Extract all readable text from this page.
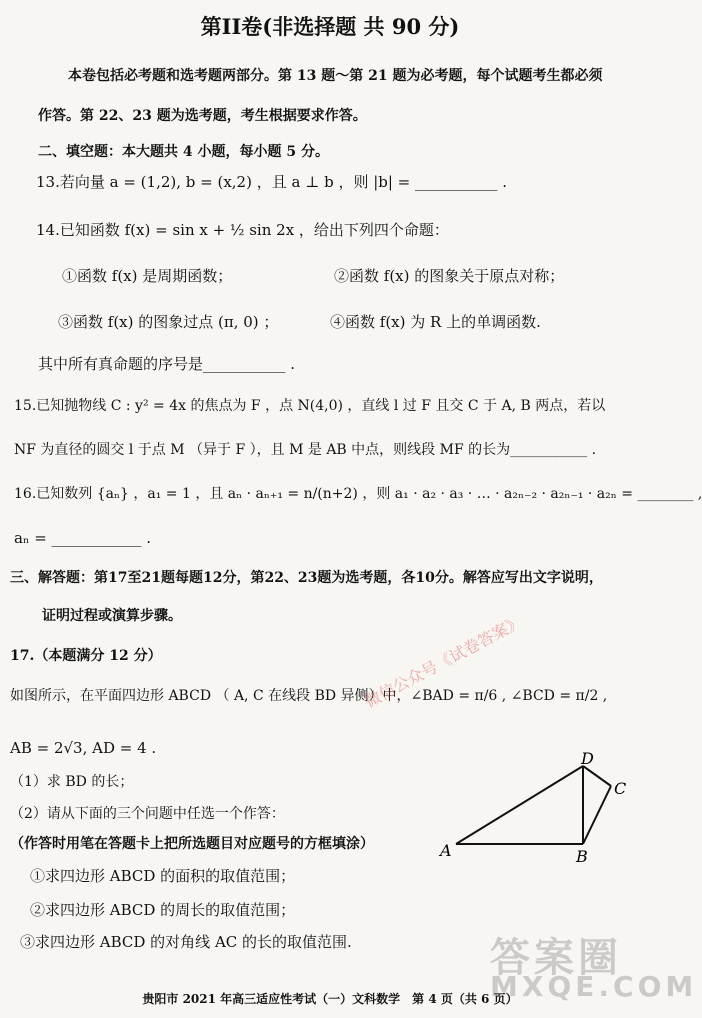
第II卷(非选择题 共 90 分)
本卷包括必考题和选考题两部分。第 13 题～第 21 题为必考题，每个试题考生都必须
作答。第 22、23 题为选考题，考生根据要求作答。
二、填空题：本大题共 4 小题，每小题 5 分。
13.若向量 a = (1,2), b = (x,2) ，且 a ⊥ b ，则 |b| = ___________ .
14.已知函数 f(x) = sin x + ½ sin 2x ，给出下列四个命题：
①函数 f(x) 是周期函数；	②函数 f(x) 的图象关于原点对称；
③函数 f(x) 的图象过点 (π, 0) ；	④函数 f(x) 为 R 上的单调函数.
其中所有真命题的序号是___________ .
15.已知抛物线 C : y² = 4x 的焦点为 F ，点 N(4,0) ，直线 l 过 F 且交 C 于 A, B 两点，若以
NF 为直径的圆交 l 于点 M （异于 F ），且 M 是 AB 中点，则线段 MF 的长为___________ .
16.已知数列 {aₙ} ，a₁ = 1 ，且 aₙ · aₙ₊₁ = n/(n+2) ，则 a₁ · a₂ · a₃ · … · a₂ₙ₋₂ · a₂ₙ₋₁ · a₂ₙ = ________ ,
aₙ = ____________ .
三、解答题：第17至21题每题12分，第22、23题为选考题，各10分。解答应写出文字说明，
证明过程或演算步骤。
17.（本题满分 12 分）
如图所示，在平面四边形 ABCD （ A, C 在线段 BD 异侧）中，∠BAD = π/6 , ∠BCD = π/2 ,
AB = 2√3, AD = 4 .
（1）求 BD 的长；
（2）请从下面的三个问题中任选一个作答：
（作答时用笔在答题卡上把所选题目对应题号的方框填涂）
①求四边形 ABCD 的面积的取值范围；
②求四边形 ABCD 的周长的取值范围；
③求四边形 ABCD 的对角线 AC 的长的取值范围.
A	B
C
D
微信公众号《试卷答案》
答案圈
MXQE.COM
贵阳市 2021 年高三适应性考试（一）文科数学　第 4 页（共 6 页）
